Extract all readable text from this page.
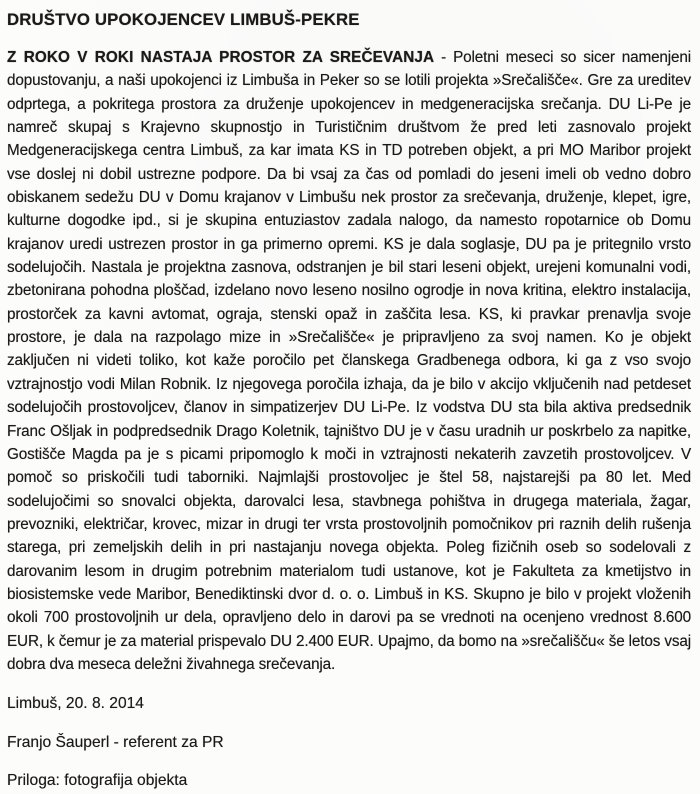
DRUŠTVO UPOKOJENCEV LIMBUŠ-PEKRE

Z ROKO V ROKI NASTAJA PROSTOR ZA SREČEVANJA - Poletni meseci so sicer namenjeni dopustovanju, a naši upokojenci iz Limbuša in Peker so se lotili projekta »Srečališče«. Gre za ureditev odprtega, a pokritega prostora za druženje upokojencev in medgeneracijska srečanja. DU Li-Pe je namreč skupaj s Krajevno skupnostjo in Turističnim društvom že pred leti zasnovalo projekt Medgeneracijskega centra Limbuš, za kar imata KS in TD potreben objekt, a pri MO Maribor projekt vse doslej ni dobil ustrezne podpore. Da bi vsaj za čas od pomladi do jeseni imeli ob vedno dobro obiskanem sedežu DU v Domu krajanov v Limbušu nek prostor za srečevanja, druženje, klepet, igre, kulturne dogodke ipd., si je skupina entuziastov zadala nalogo, da namesto ropotarnice ob Domu krajanov uredi ustrezen prostor in ga primerno opremi. KS je dala soglasje, DU pa je pritegnilo vrsto sodelujočih. Nastala je projektna zasnova, odstranjen je bil stari leseni objekt, urejeni komunalni vodi, zbetonirana pohodna ploščad, izdelano novo leseno nosilno ogrodje in nova kritina, elektro instalacija, prostorček za kavni avtomat, ograja, stenski opaž in zaščita lesa. KS, ki pravkar prenavlja svoje prostore, je dala na razpolago mize in »Srečališče« je pripravljeno za svoj namen. Ko je objekt zaključen ni videti toliko, kot kaže poročilo pet članskega Gradbenega odbora, ki ga z vso svojo vztrajnostjo vodi Milan Robnik. Iz njegovega poročila izhaja, da je bilo v akcijo vključenih nad petdeset sodelujočih prostovoljcev, članov in simpatizerjev DU Li-Pe. Iz vodstva DU sta bila aktiva predsednik Franc Ošljak in podpredsednik Drago Koletnik, tajništvo DU je v času uradnih ur poskrbelo za napitke, Gostišče Magda pa je s picami pripomoglo k moči in vztrajnosti nekaterih zavzetih prostovoljcev. V pomoč so priskočili tudi taborniki. Najmlajši prostovoljec je štel 58, najstarejši pa 80 let. Med sodelujočimi so snovalci objekta, darovalci lesa, stavbnega pohištva in drugega materiala, žagar, prevozniki, električar, krovec, mizar in drugi ter vrsta prostovoljnih pomočnikov pri raznih delih rušenja starega, pri zemeljskih delih in pri nastajanju novega objekta. Poleg fizičnih oseb so sodelovali z darovanim lesom in drugim potrebnim materialom tudi ustanove, kot je Fakulteta za kmetijstvo in biosistemske vede Maribor, Benediktinski dvor d. o. o. Limbuš in KS. Skupno je bilo v projekt vloženih okoli 700 prostovoljnih ur dela, opravljeno delo in darovi pa se vrednoti na ocenjeno vrednost 8.600 EUR, k čemur je za material prispevalo DU 2.400 EUR. Upajmo, da bomo na »srečališču« še letos vsaj dobra dva meseca deležni živahnega srečevanja.

Limbuš, 20. 8. 2014

Franjo Šauperl - referent za PR

Priloga: fotografija objekta
